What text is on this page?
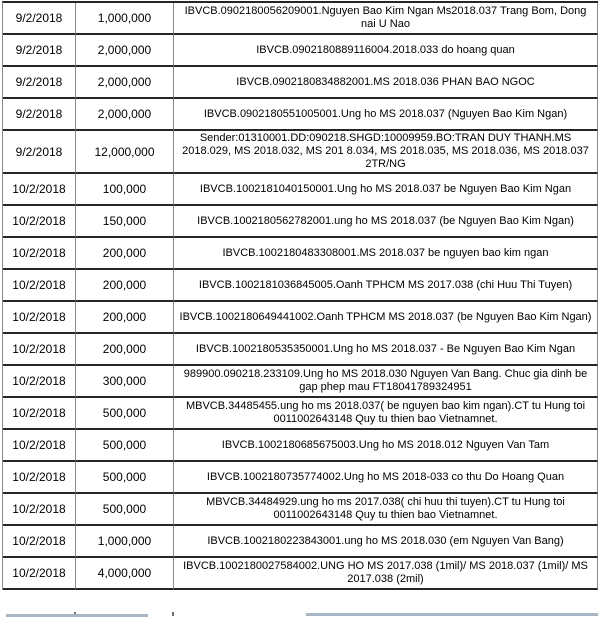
9/2/2018	1,000,000	IBVCB.0902180056209001.Nguyen Bao Kim Ngan Ms2018.037 Trang Bom, Dong nai U Nao
9/2/2018	2,000,000	IBVCB.0902180889116004.2018.033 do hoang quan
9/2/2018	2,000,000	IBVCB.0902180834882001.MS 2018.036 PHAN BAO NGOC
9/2/2018	2,000,000	IBVCB.0902180551005001.Ung ho MS 2018.037 (Nguyen Bao Kim Ngan)
9/2/2018	12,000,000	Sender:01310001.DD:090218.SHGD:10009959.BO:TRAN DUY THANH.MS 2018.029, MS 2018.032, MS 201 8.034, MS 2018.035, MS 2018.036, MS 2018.037 2TR/NG
10/2/2018	100,000	IBVCB.1002181040150001.Ung ho MS 2018.037 be Nguyen Bao Kim Ngan
10/2/2018	150,000	IBVCB.1002180562782001.ung ho MS 2018.037 (be Nguyen Bao Kim Ngan)
10/2/2018	200,000	IBVCB.1002180483308001.MS 2018.037 be nguyen bao kim ngan
10/2/2018	200,000	IBVCB.1002181036845005.Oanh TPHCM MS 2017.038 (chi Huu Thi Tuyen)
10/2/2018	200,000	IBVCB.1002180649441002.Oanh TPHCM MS 2018.037 (be Nguyen Bao Kim Ngan)
10/2/2018	200,000	IBVCB.1002180535350001.Ung ho MS 2018.037 - Be Nguyen Bao Kim Ngan
10/2/2018	300,000	989900.090218.233109.Ung ho MS 2018.030 Nguyen Van Bang. Chuc gia dinh be gap phep mau FT18041789324951
10/2/2018	500,000	MBVCB.34485455.ung ho ms 2018.037( be nguyen bao kim ngan).CT tu Hung toi 0011002643148 Quy tu thien bao Vietnamnet.
10/2/2018	500,000	IBVCB.1002180685675003.Ung ho MS 2018.012 Nguyen Van Tam
10/2/2018	500,000	IBVCB.1002180735774002.Ung ho MS 2018-033 co thu Do Hoang Quan
10/2/2018	500,000	MBVCB.34484929.ung ho ms 2017.038( chi huu thi tuyen).CT tu Hung toi 0011002643148 Quy tu thien bao Vietnamnet.
10/2/2018	1,000,000	IBVCB.1002180223843001.ung ho MS 2018.030 (em Nguyen Van Bang)
10/2/2018	4,000,000	IBVCB.1002180027584002.UNG HO MS 2017.038 (1mil)/ MS 2018.037 (1mil)/ MS 2017.038 (2mil)
